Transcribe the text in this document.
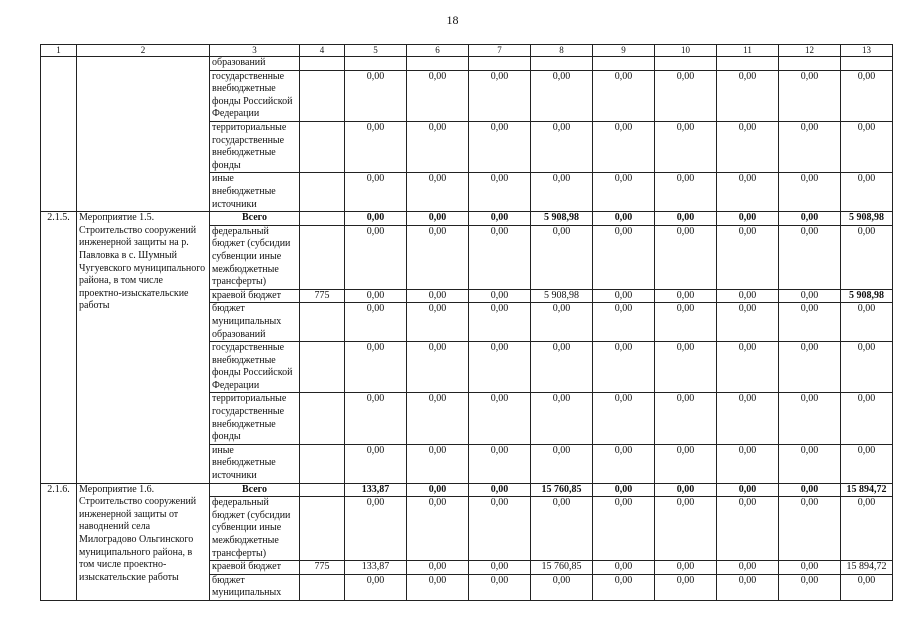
18
1	2	3	4	5	6	7	8	9	10	11	12	13
		образований										
		государственные внебюджетные фонды Российской Федерации		0,00	0,00	0,00	0,00	0,00	0,00	0,00	0,00	0,00
		территориальные государственные внебюджетные фонды		0,00	0,00	0,00	0,00	0,00	0,00	0,00	0,00	0,00
		иные внебюджетные источники		0,00	0,00	0,00	0,00	0,00	0,00	0,00	0,00	0,00
2.1.5.	Мероприятие 1.5. Строительство сооружений инженерной защиты на р. Павловка в с. Шумный Чугуевского муниципального района, в том числе проектно-изыскательские работы	Всего		0,00	0,00	0,00	5 908,98	0,00	0,00	0,00	0,00	5 908,98
		федеральный бюджет (субсидии субвенции иные межбюджетные трансферты)		0,00	0,00	0,00	0,00	0,00	0,00	0,00	0,00	0,00
		краевой бюджет	775	0,00	0,00	0,00	5 908,98	0,00	0,00	0,00	0,00	5 908,98
		бюджет муниципальных образований		0,00	0,00	0,00	0,00	0,00	0,00	0,00	0,00	0,00
		государственные внебюджетные фонды Российской Федерации		0,00	0,00	0,00	0,00	0,00	0,00	0,00	0,00	0,00
		территориальные государственные внебюджетные фонды		0,00	0,00	0,00	0,00	0,00	0,00	0,00	0,00	0,00
		иные внебюджетные источники		0,00	0,00	0,00	0,00	0,00	0,00	0,00	0,00	0,00
2.1.6.	Мероприятие 1.6. Строительство сооружений инженерной защиты от наводнений села Милоградово Ольгинского муниципального района, в том числе проектно-изыскательские работы	Всего		133,87	0,00	0,00	15 760,85	0,00	0,00	0,00	0,00	15 894,72
		федеральный бюджет (субсидии субвенции иные межбюджетные трансферты)		0,00	0,00	0,00	0,00	0,00	0,00	0,00	0,00	0,00
		краевой бюджет	775	133,87	0,00	0,00	15 760,85	0,00	0,00	0,00	0,00	15 894,72
		бюджет муниципальных		0,00	0,00	0,00	0,00	0,00	0,00	0,00	0,00	0,00
